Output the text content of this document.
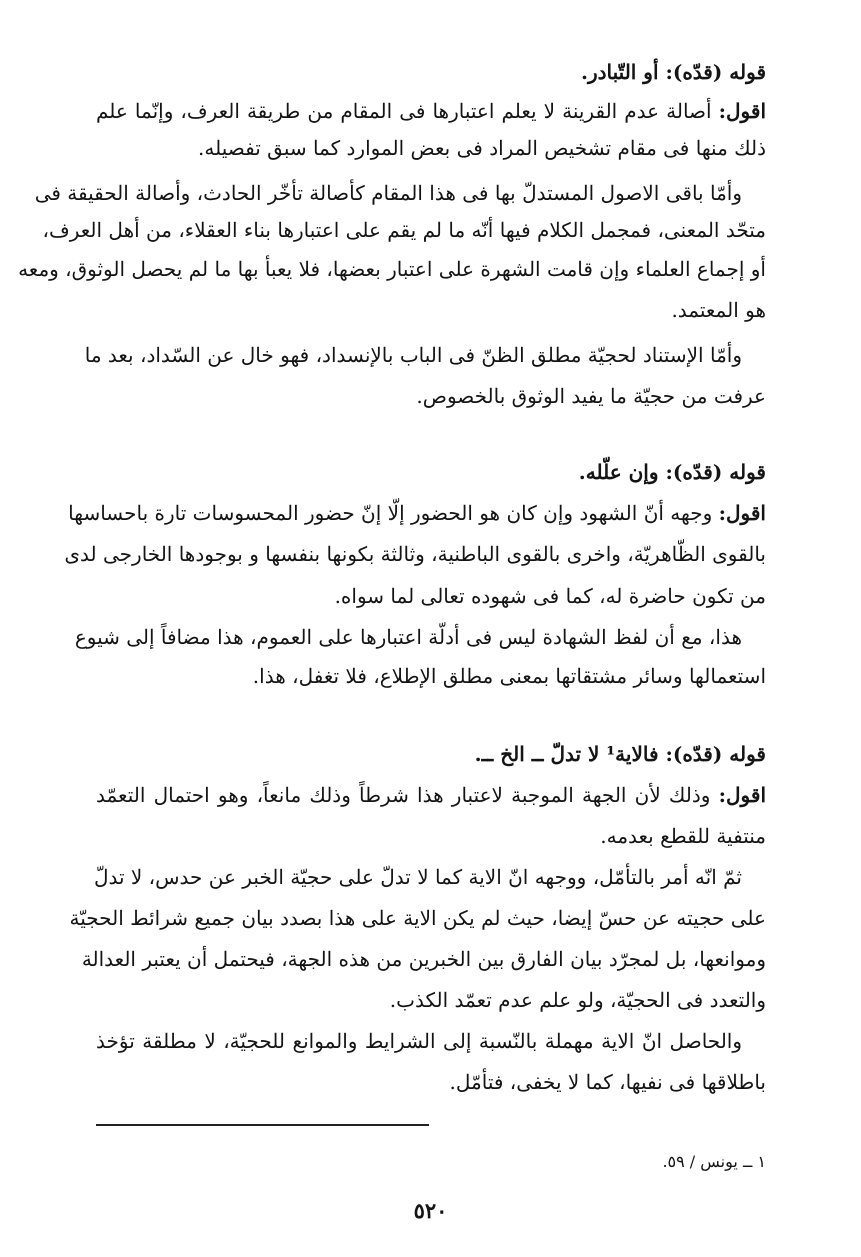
قوله (قدّه): أو التّبادر.
اقول: أصالة عدم القرينة لا يعلم اعتبارها فى المقام من طريقة العرف، وإنّما علم
ذلك منها فى مقام تشخيص المراد فى بعض الموارد كما سبق تفصيله.
وأمّا باقى الاصول المستدلّ بها فى هذا المقام كأصالة تأخّر الحادث، وأصالة الحقيقة فى
متحّد المعنى، فمجمل الكلام فيها أنّه ما لم يقم على اعتبارها بناء العقلاء، من أهل العرف،
أو إجماع العلماء وإن قامت الشهرة على اعتبار بعضها، فلا يعبأ بها ما لم يحصل الوثوق، ومعه
هو المعتمد.
وأمّا الإستناد لحجيّة مطلق الظنّ فى الباب بالإنسداد، فهو خال عن السّداد، بعد ما
عرفت من حجيّة ما يفيد الوثوق بالخصوص.
قوله (قدّه): وإن علّله.
اقول: وجهه أنّ الشهود وإن كان هو الحضور إلّا إنّ حضور المحسوسات تارة باحساسها
بالقوى الظّاهريّة، واخرى بالقوى الباطنية، وثالثة بكونها بنفسها و بوجودها الخارجى لدى
من تكون حاضرة له، كما فى شهوده تعالى لما سواه.
هذا، مع أن لفظ الشهادة ليس فى أدلّة اعتبارها على العموم، هذا مضافاً إلى شيوع
استعمالها وسائر مشتقاتها بمعنى مطلق الإطلاع، فلا تغفل، هذا.
قوله (قدّه): فالاية¹ لا تدلّ ــ الخ ــ.
اقول: وذلك لأن الجهة الموجبة لاعتبار هذا شرطاً وذلك مانعاً، وهو احتمال التعمّد
منتفية للقطع بعدمه.
ثمّ انّه أمر بالتأمّل، ووجهه انّ الاية كما لا تدلّ على حجيّة الخبر عن حدس، لا تدلّ
على حجيته عن حسّ إيضا، حيث لم يكن الاية على هذا بصدد بيان جميع شرائط الحجيّة
وموانعها، بل لمجرّد بيان الفارق بين الخبرين من هذه الجهة، فيحتمل أن يعتبر العدالة
والتعدد فى الحجيّة، ولو علم عدم تعمّد الكذب.
والحاصل انّ الاية مهملة بالنّسبة إلى الشرايط والموانع للحجيّة، لا مطلقة تؤخذ
باطلاقها فى نفيها، كما لا يخفى، فتأمّل.
١ ــ يونس / ٥٩.
٥٢٠
